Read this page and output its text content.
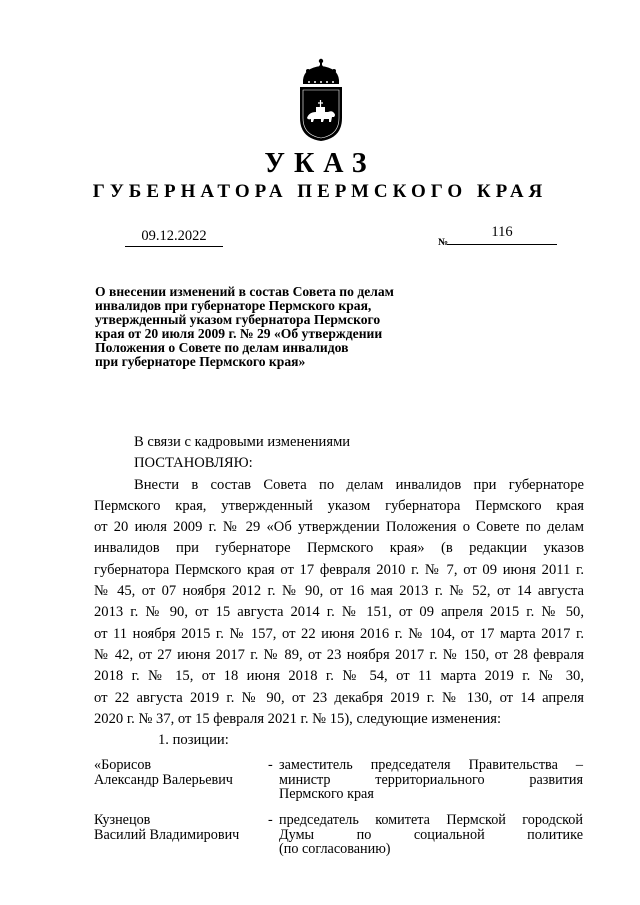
УКАЗ
ГУБЕРНАТОРА ПЕРМСКОГО КРАЯ
09.12.2022	№
116
О внесении изменений в состав Совета по делам
инвалидов при губернаторе Пермского края,
утвержденный указом губернатора Пермского
края от 20 июля 2009 г. № 29 «Об утверждении
Положения о Совете по делам инвалидов
при губернаторе Пермского края»
В связи с кадровыми изменениями
ПОСТАНОВЛЯЮ:
Внести в состав Совета по делам инвалидов при губернаторе
Пермского края, утвержденный указом губернатора Пермского края
от 20 июля 2009 г. № 29 «Об утверждении Положения о Совете по делам
инвалидов при губернаторе Пермского края» (в редакции указов
губернатора Пермского края от 17 февраля 2010 г. № 7, от 09 июня 2011 г.
№ 45, от 07 ноября 2012 г. № 90, от 16 мая 2013 г. № 52, от 14 августа
2013 г. № 90, от 15 августа 2014 г. № 151, от 09 апреля 2015 г. № 50,
от 11 ноября 2015 г. № 157, от 22 июня 2016 г. № 104, от 17 марта 2017 г.
№ 42, от 27 июня 2017 г. № 89, от 23 ноября 2017 г. № 150, от 28 февраля
2018 г. № 15, от 18 июня 2018 г. № 54, от 11 марта 2019 г. № 30,
от 22 августа 2019 г. № 90, от 23 декабря 2019 г. № 130, от 14 апреля
2020 г. № 37, от 15 февраля 2021 г. № 15), следующие изменения:
1. позиции:
«Борисов
Александр Валерьевич
- заместитель председателя Правительства –
министр территориального развития
Пермского края
Кузнецов
Василий Владимирович
- председатель комитета Пермской городской
Думы по социальной политике
(по согласованию)
